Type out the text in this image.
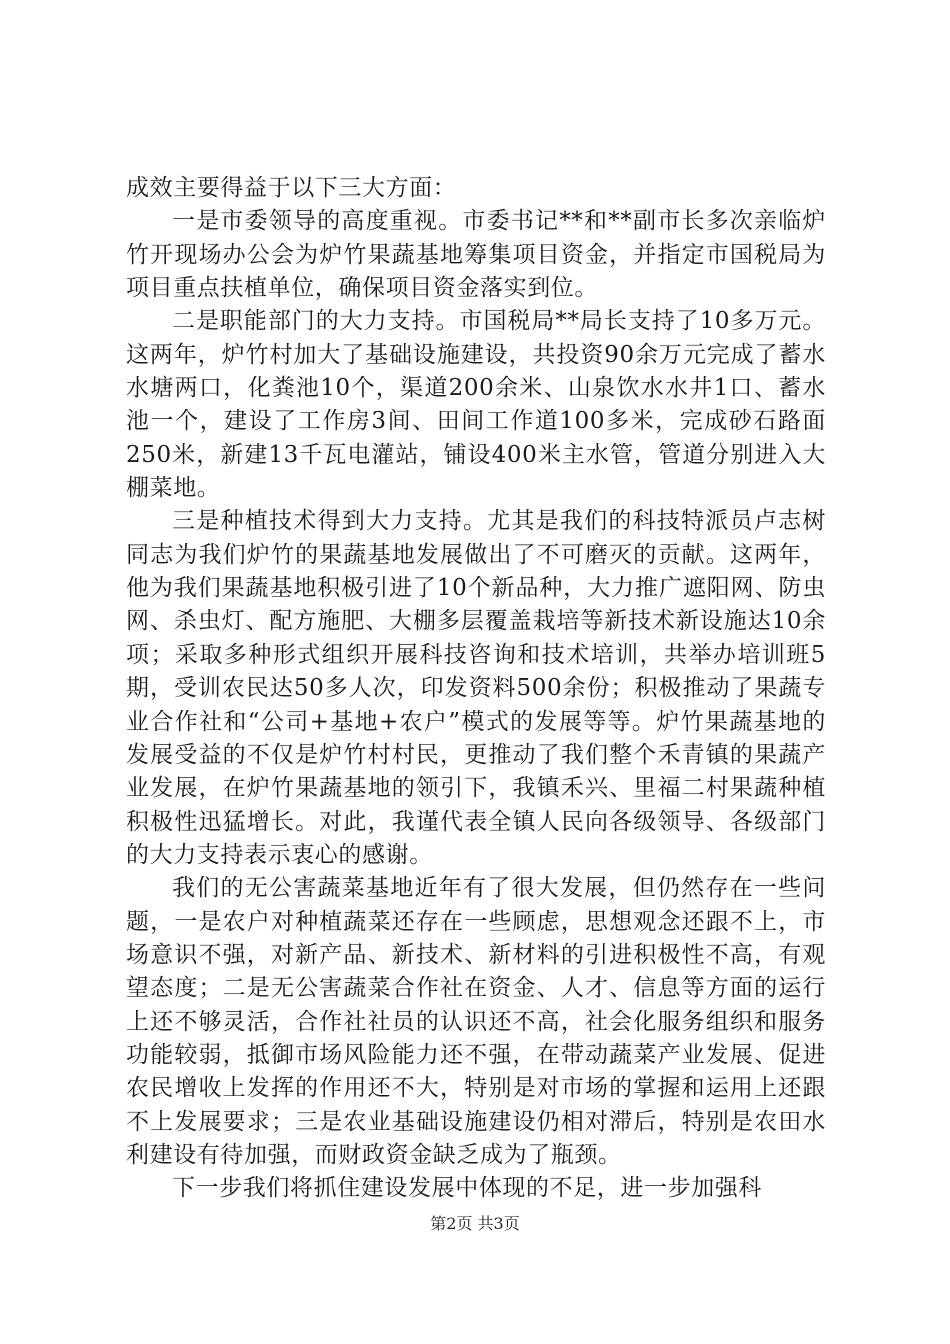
成效主要得益于以下三大方面：

一是市委领导的高度重视。市委书记**和**副市长多次亲临炉竹开现场办公会为炉竹果蔬基地筹集项目资金，并指定市国税局为项目重点扶植单位，确保项目资金落实到位。

二是职能部门的大力支持。市国税局**局长支持了10多万元。这两年，炉竹村加大了基础设施建设，共投资90余万元完成了蓄水水塘两口，化粪池10个，渠道200余米、山泉饮水水井1口、蓄水池一个，建设了工作房3间、田间工作道100多米，完成砂石路面250米，新建13千瓦电灌站，铺设400米主水管，管道分别进入大棚菜地。

三是种植技术得到大力支持。尤其是我们的科技特派员卢志树同志为我们炉竹的果蔬基地发展做出了不可磨灭的贡献。这两年，他为我们果蔬基地积极引进了10个新品种，大力推广遮阳网、防虫网、杀虫灯、配方施肥、大棚多层覆盖栽培等新技术新设施达10余项；采取多种形式组织开展科技咨询和技术培训，共举办培训班5期，受训农民达50多人次，印发资料500余份；积极推动了果蔬专业合作社和“公司+基地+农户”模式的发展等等。炉竹果蔬基地的发展受益的不仅是炉竹村村民，更推动了我们整个禾青镇的果蔬产业发展，在炉竹果蔬基地的领引下，我镇禾兴、里福二村果蔬种植积极性迅猛增长。对此，我谨代表全镇人民向各级领导、各级部门的大力支持表示衷心的感谢。

我们的无公害蔬菜基地近年有了很大发展，但仍然存在一些问题，一是农户对种植蔬菜还存在一些顾虑，思想观念还跟不上，市场意识不强，对新产品、新技术、新材料的引进积极性不高，有观望态度；二是无公害蔬菜合作社在资金、人才、信息等方面的运行上还不够灵活，合作社社员的认识还不高，社会化服务组织和服务功能较弱，抵御市场风险能力还不强，在带动蔬菜产业发展、促进农民增收上发挥的作用还不大，特别是对市场的掌握和运用上还跟不上发展要求；三是农业基础设施建设仍相对滞后，特别是农田水利建设有待加强，而财政资金缺乏成为了瓶颈。

下一步我们将抓住建设发展中体现的不足，进一步加强科

第2页 共3页
